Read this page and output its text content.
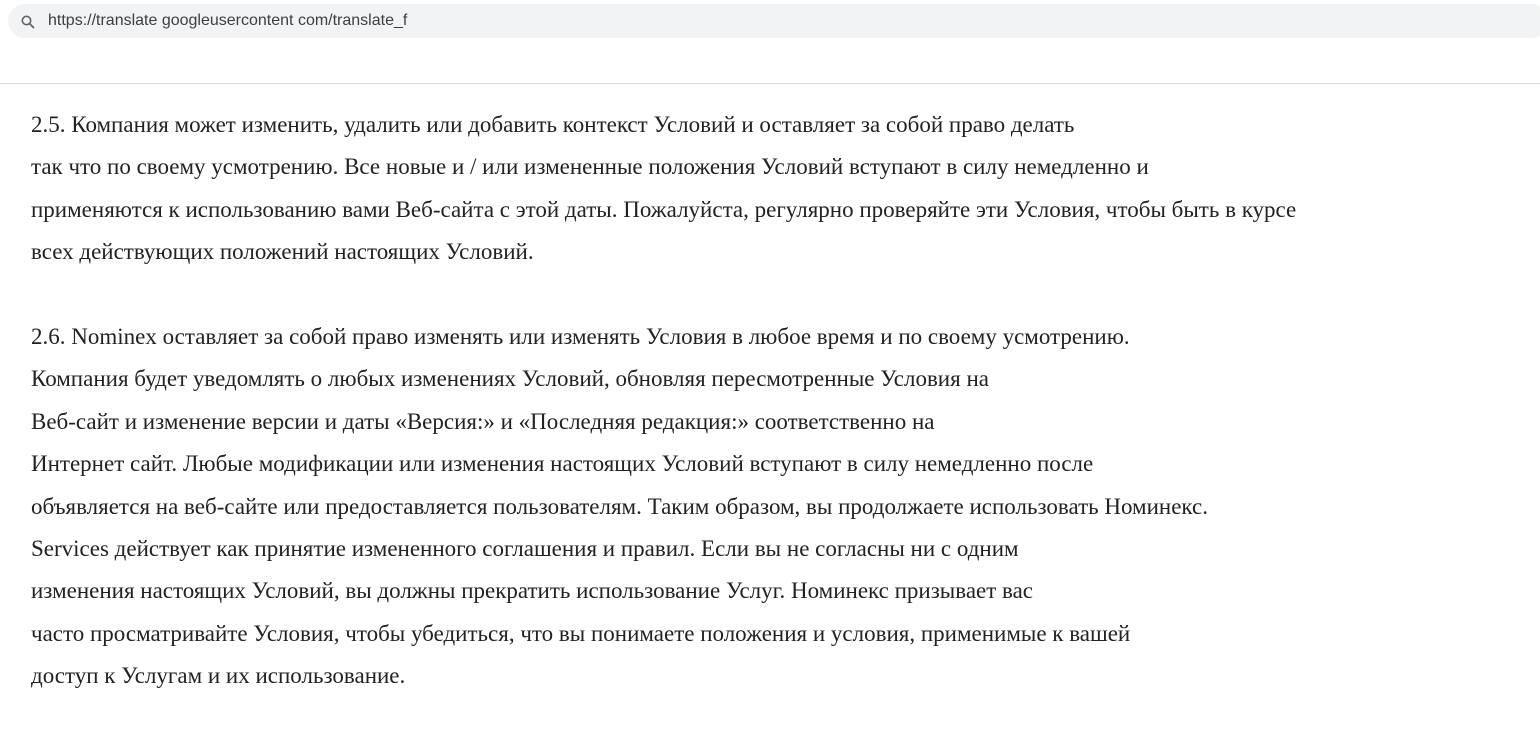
https://translate googleusercontent com/translate_f
2.5. Компания может изменить, удалить или добавить контекст Условий и оставляет за собой право делать
так что по своему усмотрению. Все новые и / или измененные положения Условий вступают в силу немедленно и
применяются к использованию вами Веб-сайта с этой даты. Пожалуйста, регулярно проверяйте эти Условия, чтобы быть в курсе
всех действующих положений настоящих Условий.
2.6. Nominex оставляет за собой право изменять или изменять Условия в любое время и по своему усмотрению.
Компания будет уведомлять о любых изменениях Условий, обновляя пересмотренные Условия на
Веб-сайт и изменение версии и даты «Версия:» и «Последняя редакция:» соответственно на
Интернет сайт. Любые модификации или изменения настоящих Условий вступают в силу немедленно после
объявляется на веб-сайте или предоставляется пользователям. Таким образом, вы продолжаете использовать Номинекс.
Services действует как принятие измененного соглашения и правил. Если вы не согласны ни с одним
изменения настоящих Условий, вы должны прекратить использование Услуг. Номинекс призывает вас
часто просматривайте Условия, чтобы убедиться, что вы понимаете положения и условия, применимые к вашей
доступ к Услугам и их использование.
